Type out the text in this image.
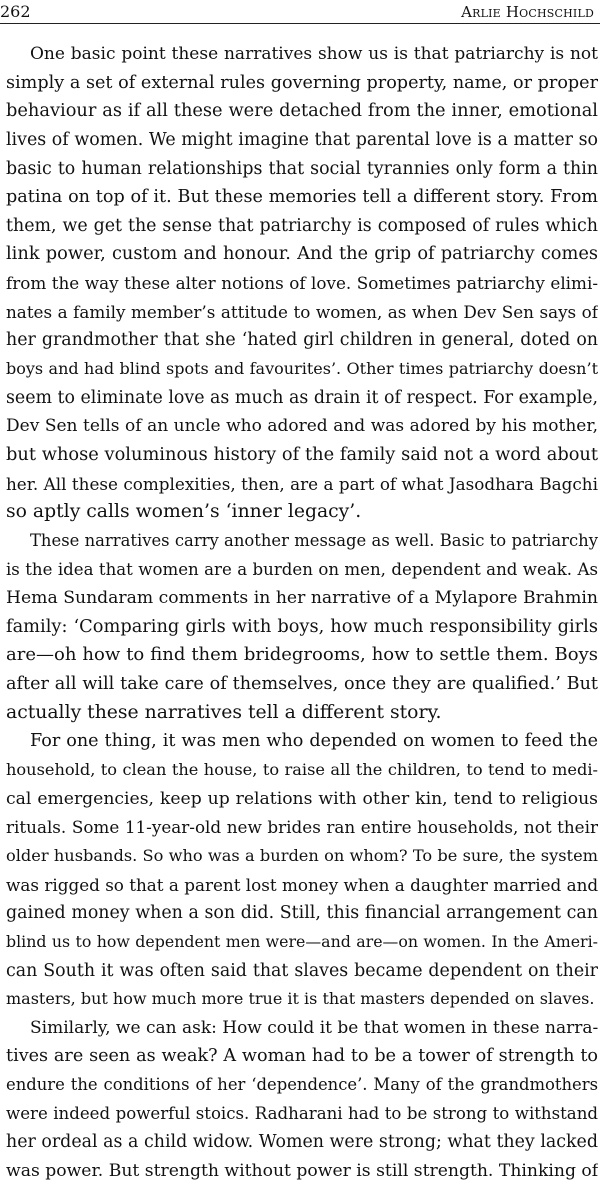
262	Arlie Hochschild
One basic point these narratives show us is that patriarchy is not
simply a set of external rules governing property, name, or proper
behaviour as if all these were detached from the inner, emotional
lives of women. We might imagine that parental love is a matter so
basic to human relationships that social tyrannies only form a thin
patina on top of it. But these memories tell a different story. From
them, we get the sense that patriarchy is composed of rules which
link power, custom and honour. And the grip of patriarchy comes
from the way these alter notions of love. Sometimes patriarchy elimi-
nates a family member’s attitude to women, as when Dev Sen says of
her grandmother that she ‘hated girl children in general, doted on
boys and had blind spots and favourites’. Other times patriarchy doesn’t
seem to eliminate love as much as drain it of respect. For example,
Dev Sen tells of an uncle who adored and was adored by his mother,
but whose voluminous history of the family said not a word about
her. All these complexities, then, are a part of what Jasodhara Bagchi
so aptly calls women’s ‘inner legacy’.
These narratives carry another message as well. Basic to patriarchy
is the idea that women are a burden on men, dependent and weak. As
Hema Sundaram comments in her narrative of a Mylapore Brahmin
family: ‘Comparing girls with boys, how much responsibility girls
are—oh how to find them bridegrooms, how to settle them. Boys
after all will take care of themselves, once they are qualified.’ But
actually these narratives tell a different story.
For one thing, it was men who depended on women to feed the
household, to clean the house, to raise all the children, to tend to medi-
cal emergencies, keep up relations with other kin, tend to religious
rituals. Some 11-year-old new brides ran entire households, not their
older husbands. So who was a burden on whom? To be sure, the system
was rigged so that a parent lost money when a daughter married and
gained money when a son did. Still, this financial arrangement can
blind us to how dependent men were—and are—on women. In the Ameri-
can South it was often said that slaves became dependent on their
masters, but how much more true it is that masters depended on slaves.
Similarly, we can ask: How could it be that women in these narra-
tives are seen as weak? A woman had to be a tower of strength to
endure the conditions of her ‘dependence’. Many of the grandmothers
were indeed powerful stoics. Radharani had to be strong to withstand
her ordeal as a child widow. Women were strong; what they lacked
was power. But strength without power is still strength. Thinking of
